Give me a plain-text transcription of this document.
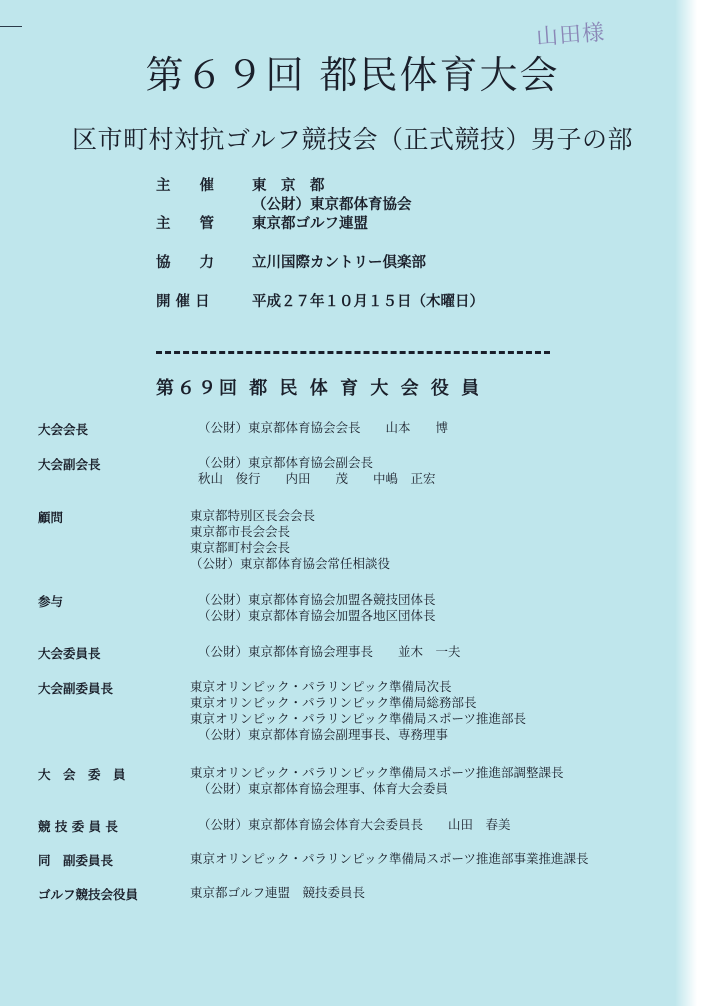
山田様
第６９回 都民体育大会
区市町村対抗ゴルフ競技会（正式競技）男子の部
主　　催	東　京　都
（公財）東京都体育協会
主　　管	東京都ゴルフ連盟
協　　力	立川国際カントリー倶楽部
開 催 日	平成２７年１０月１５日（木曜日）
第６９回 都 民 体 育 大 会 役 員
大会会長	（公財）東京都体育協会会長　　山本　　博
大会副会長	（公財）東京都体育協会副会長
秋山　俊行　　内田　　茂　　中嶋　正宏
顧問	東京都特別区長会会長
東京都市長会会長
東京都町村会会長
（公財）東京都体育協会常任相談役
参与	（公財）東京都体育協会加盟各競技団体長
（公財）東京都体育協会加盟各地区団体長
大会委員長	（公財）東京都体育協会理事長　　並木　一夫
大会副委員長	東京オリンピック・パラリンピック準備局次長
東京オリンピック・パラリンピック準備局総務部長
東京オリンピック・パラリンピック準備局スポーツ推進部長
（公財）東京都体育協会副理事長、専務理事
大　会　委　員	東京オリンピック・パラリンピック準備局スポーツ推進部調整課長
（公財）東京都体育協会理事、体育大会委員
競 技 委 員 長	（公財）東京都体育協会体育大会委員長　　山田　春美
同　副委員長	東京オリンピック・パラリンピック準備局スポーツ推進部事業推進課長
ゴルフ競技会役員	東京都ゴルフ連盟　競技委員長
